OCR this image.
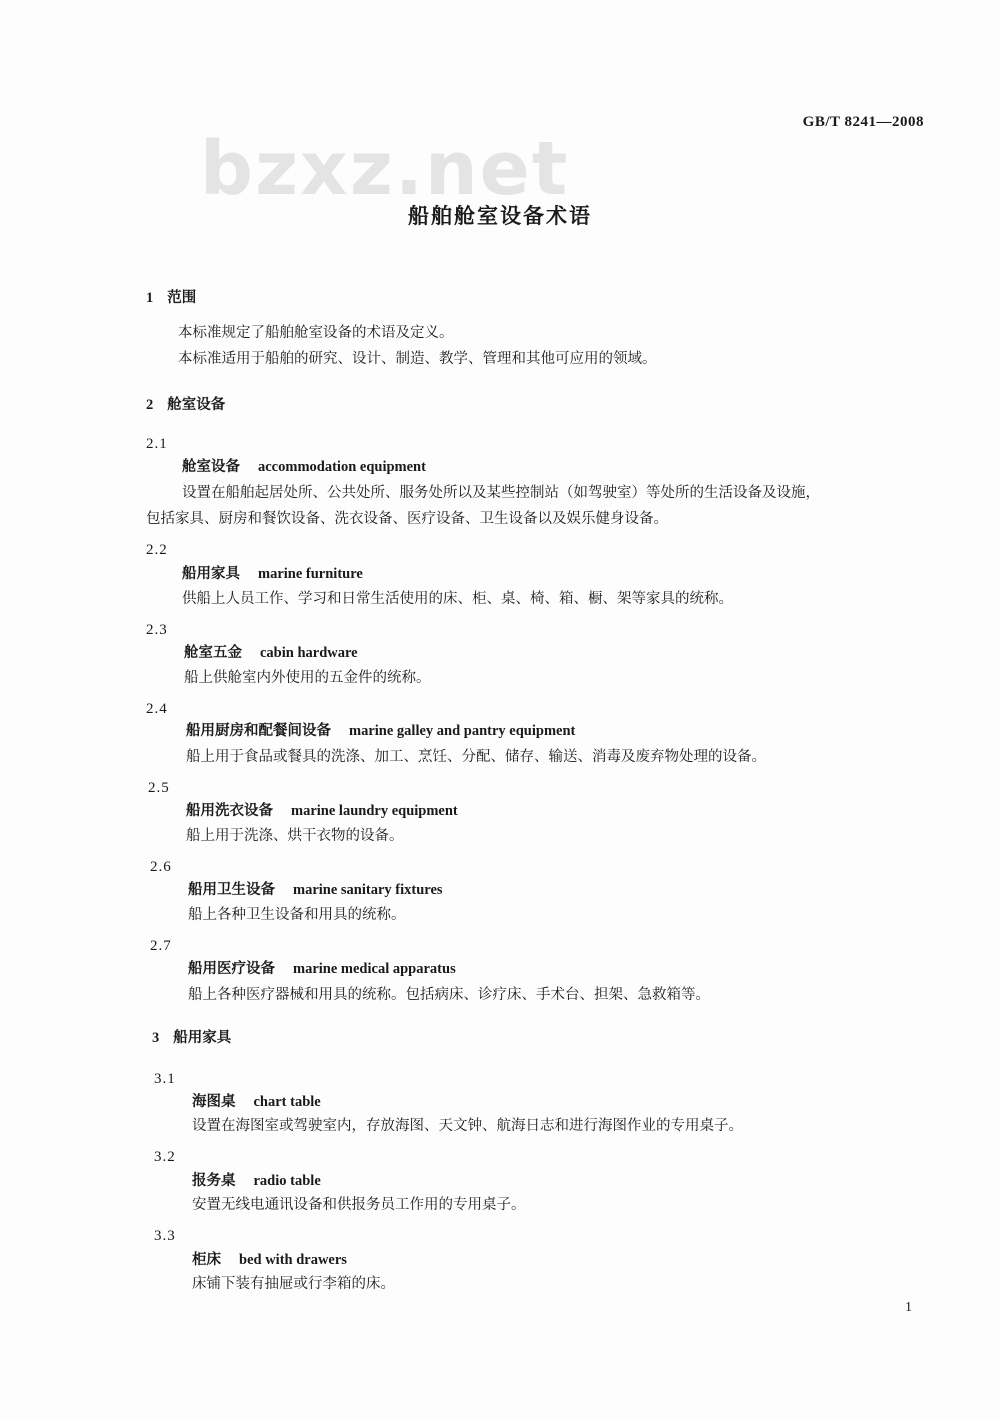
GB/T 8241—2008
bzxz.net
船舶舱室设备术语
1 范围
本标准规定了船舶舱室设备的术语及定义。
本标准适用于船舶的研究、设计、制造、教学、管理和其他可应用的领域。
2 舱室设备
2.1
舱室设备 accommodation equipment
设置在船舶起居处所、公共处所、服务处所以及某些控制站（如驾驶室）等处所的生活设备及设施，
包括家具、厨房和餐饮设备、洗衣设备、医疗设备、卫生设备以及娱乐健身设备。
2.2
船用家具 marine furniture
供船上人员工作、学习和日常生活使用的床、柜、桌、椅、箱、橱、架等家具的统称。
2.3
舱室五金 cabin hardware
船上供舱室内外使用的五金件的统称。
2.4
船用厨房和配餐间设备 marine galley and pantry equipment
船上用于食品或餐具的洗涤、加工、烹饪、分配、储存、输送、消毒及废弃物处理的设备。
2.5
船用洗衣设备 marine laundry equipment
船上用于洗涤、烘干衣物的设备。
2.6
船用卫生设备 marine sanitary fixtures
船上各种卫生设备和用具的统称。
2.7
船用医疗设备 marine medical apparatus
船上各种医疗器械和用具的统称。包括病床、诊疗床、手术台、担架、急救箱等。
3 船用家具
3.1
海图桌 chart table
设置在海图室或驾驶室内，存放海图、天文钟、航海日志和进行海图作业的专用桌子。
3.2
报务桌 radio table
安置无线电通讯设备和供报务员工作用的专用桌子。
3.3
柜床 bed with drawers
床铺下装有抽屉或行李箱的床。
1
